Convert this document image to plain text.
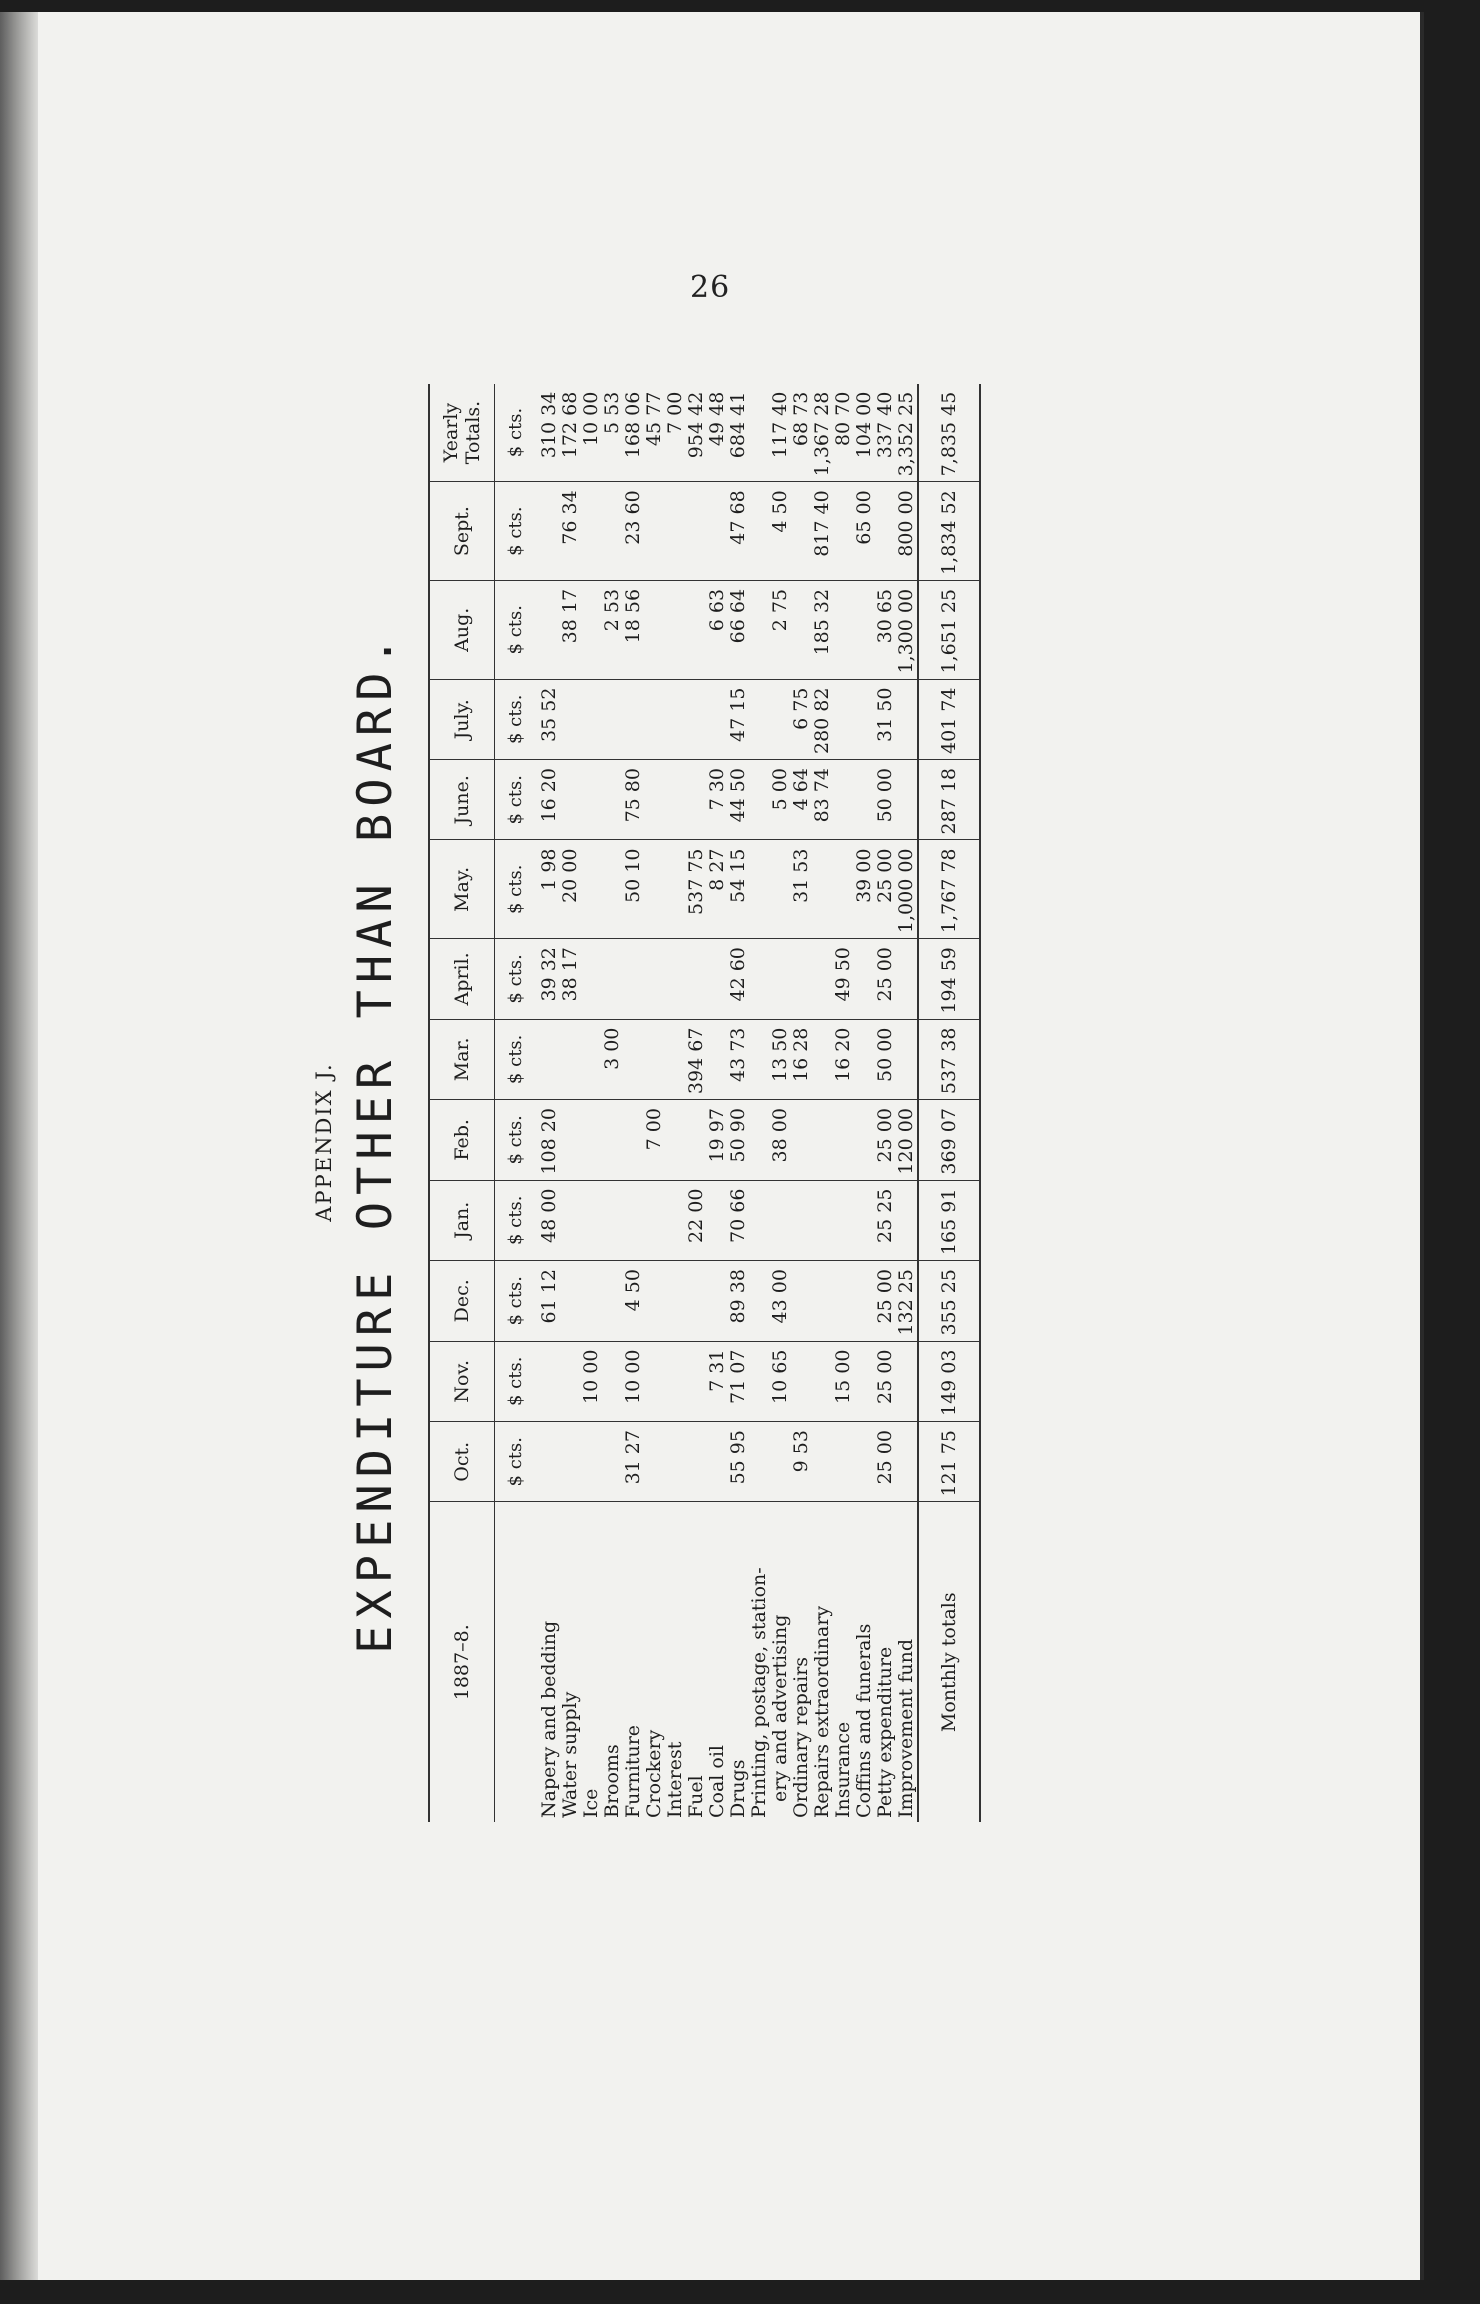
26
APPENDIX J. EXPENDITURE OTHER THAN BOARD.
1887–8.	Oct.	Nov.	Dec.	Jan.	Feb.	Mar.	April.	May.	June.	July.	Aug.	Sept.	Yearly Totals.
	$ cts.	$ cts.	$ cts.	$ cts.	$ cts.	$ cts.	$ cts.	$ cts.	$ cts.	$ cts.	$ cts.	$ cts.	$ cts.
Napery and bedding			61 12	48 00	108 20		39 32	1 98	16 20	35 52			310 34
Water supply							38 17	20 00			38 17	76 34	172 68
Ice		10 00											10 00
Brooms						3 00					2 53		5 53
Furniture	31 27	10 00	4 50					50 10	75 80		18 56	23 60	168 06
Crockery					7 00								45 77
Interest													7 00
Fuel				22 00		394 67		537 75					954 42
Coal oil		7 31			19 97			8 27	7 30		6 63		49 48
Drugs	55 95	71 07	89 38	70 66	50 90	43 73	42 60	54 15	44 50	47 15	66 64	47 68	684 41
Printing, postage, station-													
ery and advertising		10 65	43 00		38 00	13 50			5 00		2 75	4 50	117 40
Ordinary repairs	9 53					16 28		31 53	4 64	6 75			68 73
Repairs extraordinary									83 74	280 82	185 32	817 40	1,367 28
Insurance		15 00				16 20	49 50						80 70
Coffins and funerals								39 00				65 00	104 00
Petty expenditure	25 00	25 00	25 00	25 25	25 00	50 00	25 00	25 00	50 00	31 50	30 65		337 40
Improvement fund			132 25		120 00			1,000 00			1,300 00	800 00	3,352 25
Monthly totals	121 75	149 03	355 25	165 91	369 07	537 38	194 59	1,767 78	287 18	401 74	1,651 25	1,834 52	7,835 45
